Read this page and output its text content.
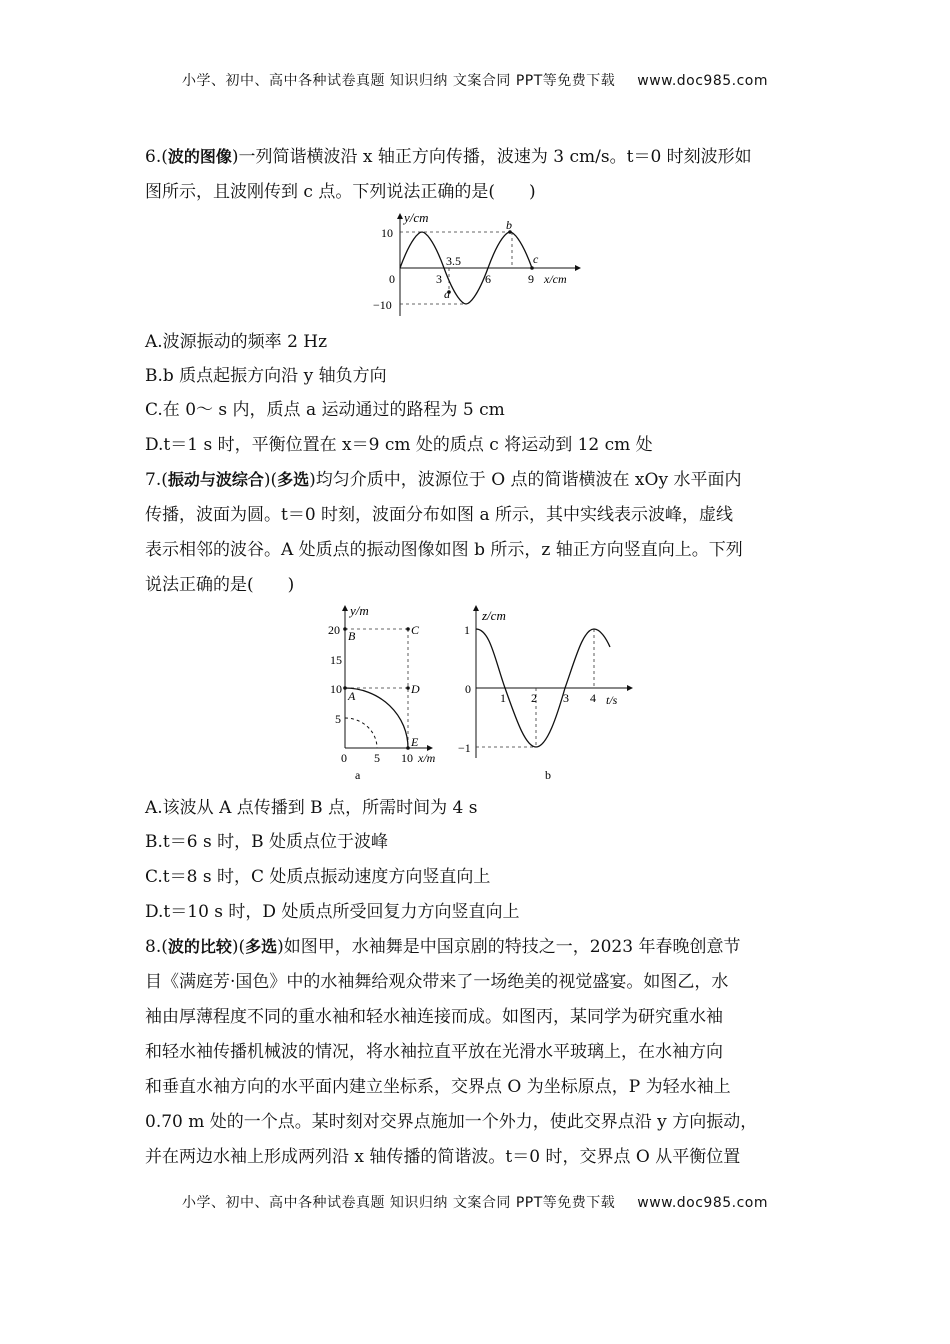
小学、初中、高中各种试卷真题 知识归纳 文案合同 PPT等免费下载 www.doc985.com
6.(波的图像)一列简谐横波沿 x 轴正方向传播，波速为 3 cm/s。t＝0 时刻波形如
图所示，且波刚传到 c 点。下列说法正确的是(　　)
y/cm
10
0
−10
3
3.5
6	9 x/cm
a
b
c
A.波源振动的频率 2 Hz
B.b 质点起振方向沿 y 轴负方向
C.在 0～ s 内，质点 a 运动通过的路程为 5 cm
D.t＝1 s 时，平衡位置在 x＝9 cm 处的质点 c 将运动到 12 cm 处
7.(振动与波综合)(多选)均匀介质中，波源位于 O 点的简谐横波在 xOy 水平面内
传播，波面为圆。t＝0 时刻，波面分布如图 a 所示，其中实线表示波峰，虚线
表示相邻的波谷。A 处质点的振动图像如图 b 所示，z 轴正方向竖直向上。下列
说法正确的是(　　)
y/m
20
15
10
5
0 5 10 x/m
A
B	C
D
E
a
z/cm
1
0
−1
1 2 3 4 t/s
b
A.该波从 A 点传播到 B 点，所需时间为 4 s
B.t＝6 s 时，B 处质点位于波峰
C.t＝8 s 时，C 处质点振动速度方向竖直向上
D.t＝10 s 时，D 处质点所受回复力方向竖直向上
8.(波的比较)(多选)如图甲，水袖舞是中国京剧的特技之一，2023 年春晚创意节
目《满庭芳·国色》中的水袖舞给观众带来了一场绝美的视觉盛宴。如图乙，水
袖由厚薄程度不同的重水袖和轻水袖连接而成。如图丙，某同学为研究重水袖
和轻水袖传播机械波的情况，将水袖拉直平放在光滑水平玻璃上，在水袖方向
和垂直水袖方向的水平面内建立坐标系，交界点 O 为坐标原点，P 为轻水袖上
0.70 m 处的一个点。某时刻对交界点施加一个外力，使此交界点沿 y 方向振动，
并在两边水袖上形成两列沿 x 轴传播的简谐波。t＝0 时，交界点 O 从平衡位置
小学、初中、高中各种试卷真题 知识归纳 文案合同 PPT等免费下载 www.doc985.com
